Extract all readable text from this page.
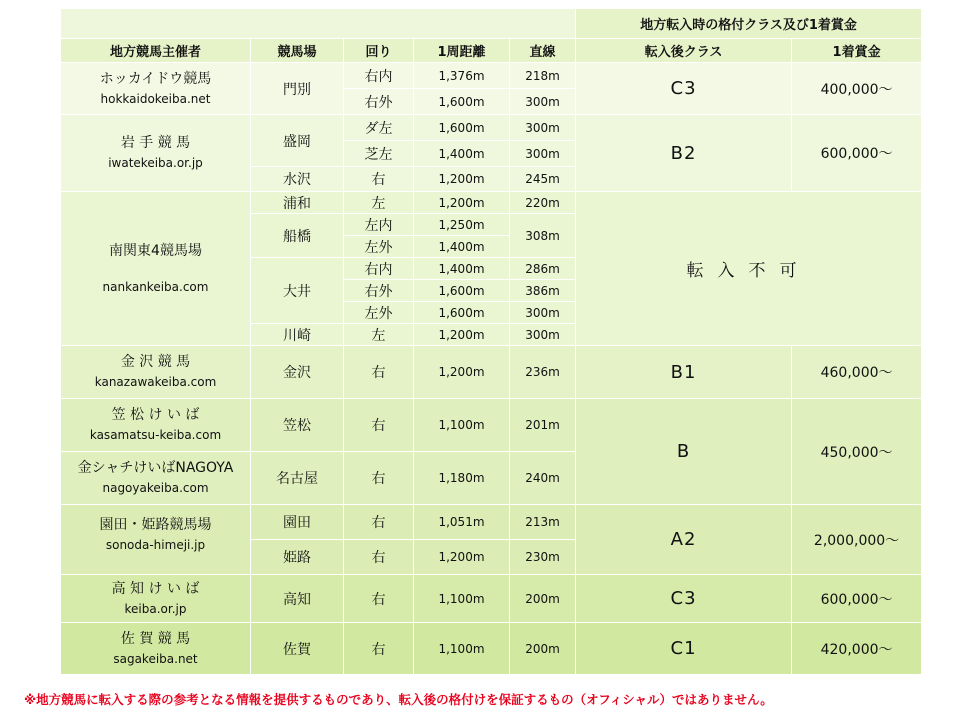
					地方転入時の格付クラス及び1着賞金	
地方競馬主催者	競馬場	回り	1周距離	直線	転入後クラス	1着賞金

ホッカイドウ競馬
hokkaidokeiba.net	門別	右内	1,376m	218m	C3	400,000～
		右外	1,600m	300m		

岩 手 競 馬
iwatekeiba.or.jp	盛岡	ダ左	1,600m	300m	B2	600,000～
		芝左	1,400m	300m		
	水沢	右	1,200m	245m		

南関東4競馬場
nankankeiba.com	浦和	左	1,200m	220m	転入不可	
	船橋	左内	1,250m	308m		
		左外	1,400m			
	大井	右内	1,400m	286m		
		右外	1,600m	386m		
		左外	1,600m	300m		
	川崎	左	1,200m	300m		

金 沢 競 馬
kanazawakeiba.com	金沢	右	1,200m	236m	B1	460,000～

笠 松 け い ば
kasamatsu-keiba.com	笠松	右	1,100m	201m	B	450,000～

金シャチけいばNAGOYA
nagoyakeiba.com	名古屋	右	1,180m	240m		

園田・姫路競馬場
sonoda-himeji.jp	園田	右	1,051m	213m	A2	2,000,000～
	姫路	右	1,200m	230m		

高 知 け い ば
keiba.or.jp	高知	右	1,100m	200m	C3	600,000～

佐 賀 競 馬
sagakeiba.net	佐賀	右	1,100m	200m	C1	420,000～
※地方競馬に転入する際の参考となる情報を提供するものであり、転入後の格付けを保証するもの（オフィシャル）ではありません。
